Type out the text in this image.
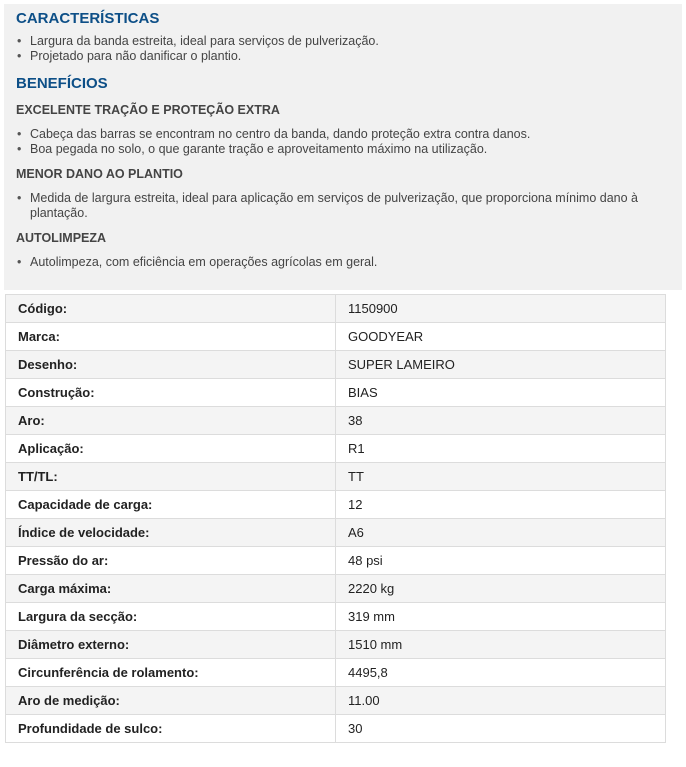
CARACTERÍSTICAS
• Largura da banda estreita, ideal para serviços de pulverização.
• Projetado para não danificar o plantio.
BENEFÍCIOS
EXCELENTE TRAÇÃO E PROTEÇÃO EXTRA
• Cabeça das barras se encontram no centro da banda, dando proteção extra contra danos.
• Boa pegada no solo, o que garante tração e aproveitamento máximo na utilização.
MENOR DANO AO PLANTIO
• Medida de largura estreita, ideal para aplicação em serviços de pulverização, que proporciona mínimo dano à plantação.
AUTOLIMPEZA
• Autolimpeza, com eficiência em operações agrícolas em geral.
Código:	1150900
Marca:	GOODYEAR
Desenho:	SUPER LAMEIRO
Construção:	BIAS
Aro:	38
Aplicação:	R1
TT/TL:	TT
Capacidade de carga:	12
Índice de velocidade:	A6
Pressão do ar:	48 psi
Carga máxima:	2220 kg
Largura da secção:	319 mm
Diâmetro externo:	1510 mm
Circunferência de rolamento:	4495,8
Aro de medição:	11.00
Profundidade de sulco:	30
